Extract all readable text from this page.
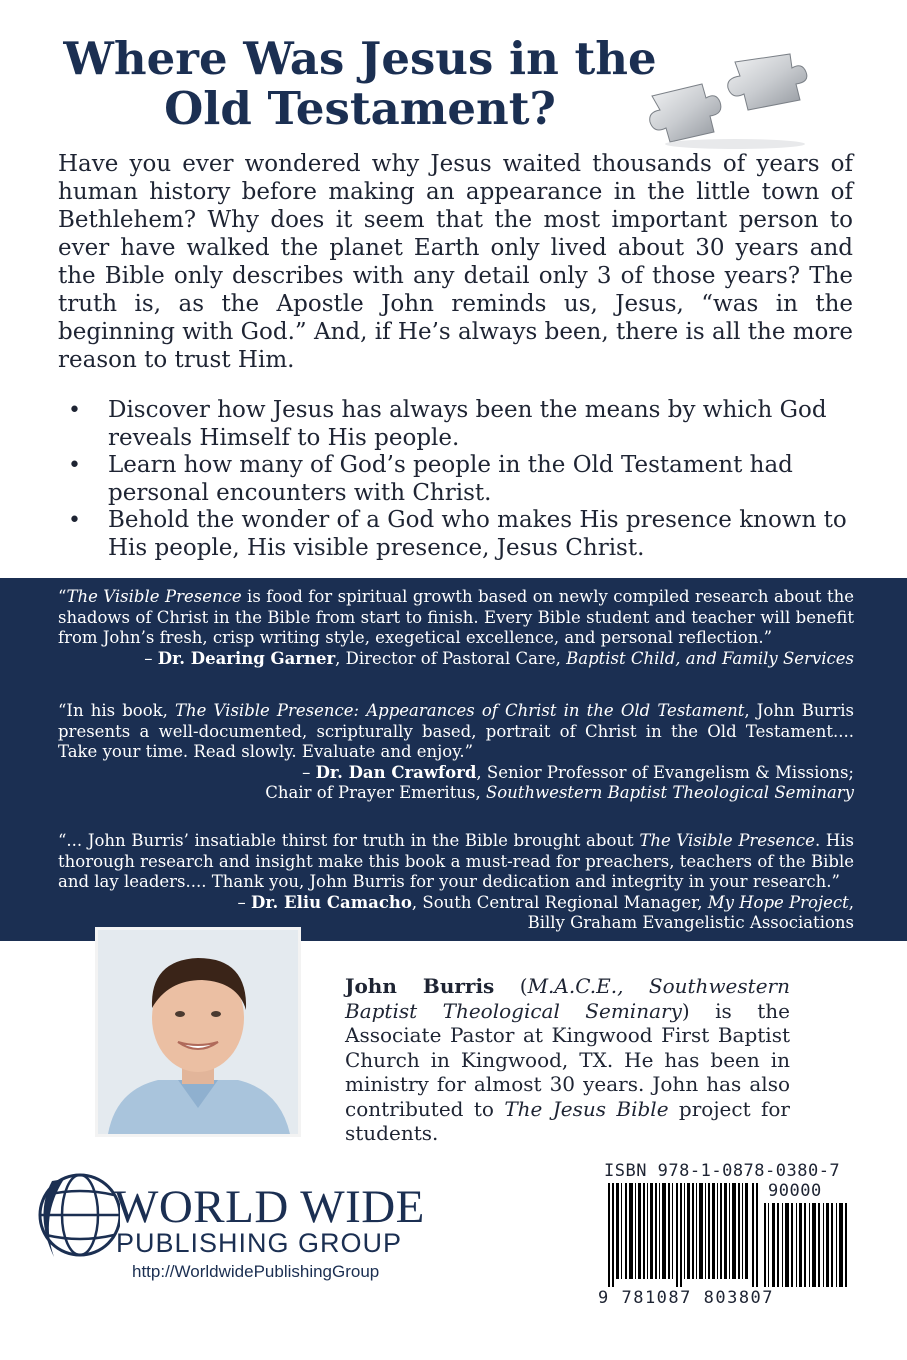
Where Was Jesus in the Old Testament?

Have you ever wondered why Jesus waited thousands of years of human history before making an appearance in the little town of Bethlehem? Why does it seem that the most important person to ever have walked the planet Earth only lived about 30 years and the Bible only describes with any detail only 3 of those years? The truth is, as the Apostle John reminds us, Jesus, “was in the beginning with God.” And, if He’s always been, there is all the more reason to trust Him.

• Discover how Jesus has always been the means by which God reveals Himself to His people.
• Learn how many of God’s people in the Old Testament had personal encounters with Christ.
• Behold the wonder of a God who makes His presence known to His people, His visible presence, Jesus Christ.

“The Visible Presence is food for spiritual growth based on newly compiled research about the shadows of Christ in the Bible from start to finish. Every Bible student and teacher will benefit from John’s fresh, crisp writing style, exegetical excellence, and personal reflection.”
– Dr. Dearing Garner, Director of Pastoral Care, Baptist Child, and Family Services

“In his book, The Visible Presence: Appearances of Christ in the Old Testament, John Burris presents a well-documented, scripturally based, portrait of Christ in the Old Testament.... Take your time. Read slowly. Evaluate and enjoy.”
– Dr. Dan Crawford, Senior Professor of Evangelism & Missions;
Chair of Prayer Emeritus, Southwestern Baptist Theological Seminary

“... John Burris’ insatiable thirst for truth in the Bible brought about The Visible Presence. His thorough research and insight make this book a must-read for preachers, teachers of the Bible and lay leaders.... Thank you, John Burris for your dedication and integrity in your research.”
– Dr. Eliu Camacho, South Central Regional Manager, My Hope Project,
Billy Graham Evangelistic Associations

John Burris (M.A.C.E., Southwestern Baptist Theological Seminary) is the Associate Pastor at Kingwood First Baptist Church in Kingwood, TX. He has been in ministry for almost 30 years. John has also contributed to The Jesus Bible project for students.

WORLD WIDE
PUBLISHING GROUP
http://WorldwidePublishingGroup
ISBN 978-1-0878-0380-7
90000
9 781087 803807
